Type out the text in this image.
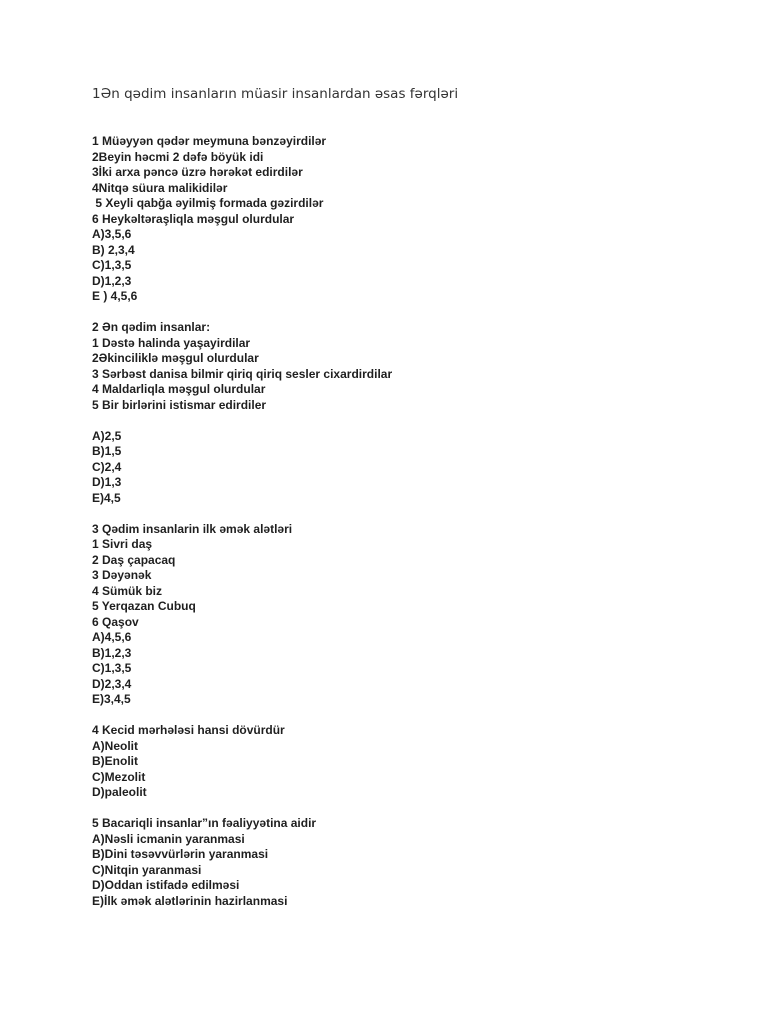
1Ən qədim insanların müasir insanlardan əsas fərqləri
1 Müəyyən qədər meymuna bənzəyirdilər
2Beyin həcmi 2 dəfə böyük idi
3İki arxa pəncə üzrə hərəkət edirdilər
4Nitqə süura malikidilər
5 Xeyli qabğa əyilmiş formada gəzirdilər
6 Heykəltəraşliqla məşgul olurdular
A)3,5,6
B) 2,3,4
C)1,3,5
D)1,2,3
E ) 4,5,6
2 Ən qədim insanlar:
1 Dəstə halinda yaşayirdilar
2Əkinciliklə məşgul olurdular
3 Sərbəst danisa bilmir qiriq qiriq sesler cixardirdilar
4 Maldarliqla məşgul olurdular
5 Bir birlərini istismar edirdiler
A)2,5
B)1,5
C)2,4
D)1,3
E)4,5
3 Qədim insanlarin ilk əmək alətləri
1 Sivri daş
2 Daş çapacaq
3 Dəyənək
4 Sümük biz
5 Yerqazan Cubuq
6 Qaşov
A)4,5,6
B)1,2,3
C)1,3,5
D)2,3,4
E)3,4,5
4 Kecid mərhələsi hansi dövürdür
A)Neolit
B)Enolit
C)Mezolit
D)paleolit
5 Bacariqli insanlar”ın fəaliyyətina aidir
A)Nəsli icmanin yaranmasi
B)Dini təsəvvürlərin yaranmasi
C)Nitqin yaranmasi
D)Oddan istifadə edilməsi
E)İlk əmək alətlərinin hazirlanmasi
